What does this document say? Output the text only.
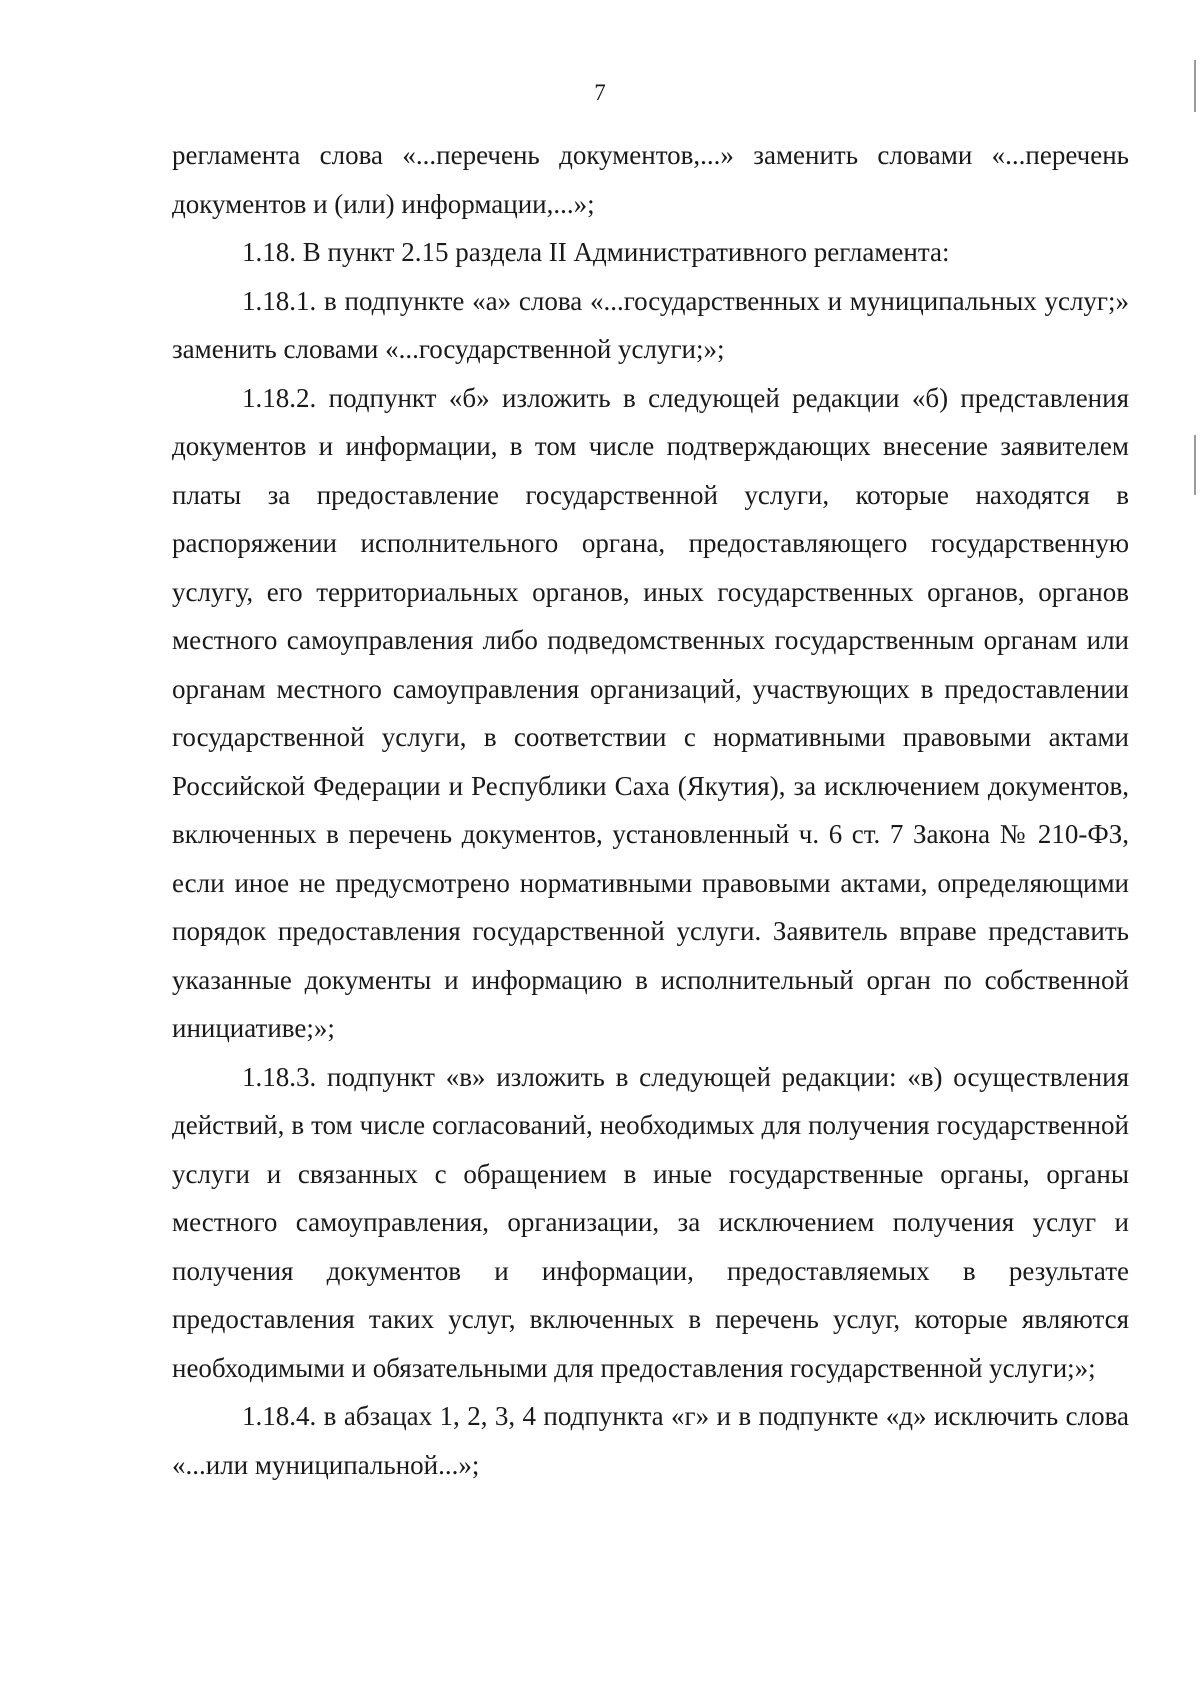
7

регламента слова «...перечень документов,...» заменить словами «...перечень документов и (или) информации,...»;

1.18. В пункт 2.15 раздела II Административного регламента:

1.18.1. в подпункте «а» слова «...государственных и муниципальных услуг;» заменить словами «...государственной услуги;»;

1.18.2. подпункт «б» изложить в следующей редакции «б) представления документов и информации, в том числе подтверждающих внесение заявителем платы за предоставление государственной услуги, которые находятся в распоряжении исполнительного органа, предоставляющего государственную услугу, его территориальных органов, иных государственных органов, органов местного самоуправления либо подведомственных государственным органам или органам местного самоуправления организаций, участвующих в предоставлении государственной услуги, в соответствии с нормативными правовыми актами Российской Федерации и Республики Саха (Якутия), за исключением документов, включенных в перечень документов, установленный ч. 6 ст. 7 Закона № 210-ФЗ, если иное не предусмотрено нормативными правовыми актами, определяющими порядок предоставления государственной услуги. Заявитель вправе представить указанные документы и информацию в исполнительный орган по собственной инициативе;»;

1.18.3. подпункт «в» изложить в следующей редакции: «в) осуществления действий, в том числе согласований, необходимых для получения государственной услуги и связанных с обращением в иные государственные органы, органы местного самоуправления, организации, за исключением получения услуг и получения документов и информации, предоставляемых в результате предоставления таких услуг, включенных в перечень услуг, которые являются необходимыми и обязательными для предоставления государственной услуги;»;

1.18.4. в абзацах 1, 2, 3, 4 подпункта «г» и в подпункте «д» исключить слова «...или муниципальной...»;
